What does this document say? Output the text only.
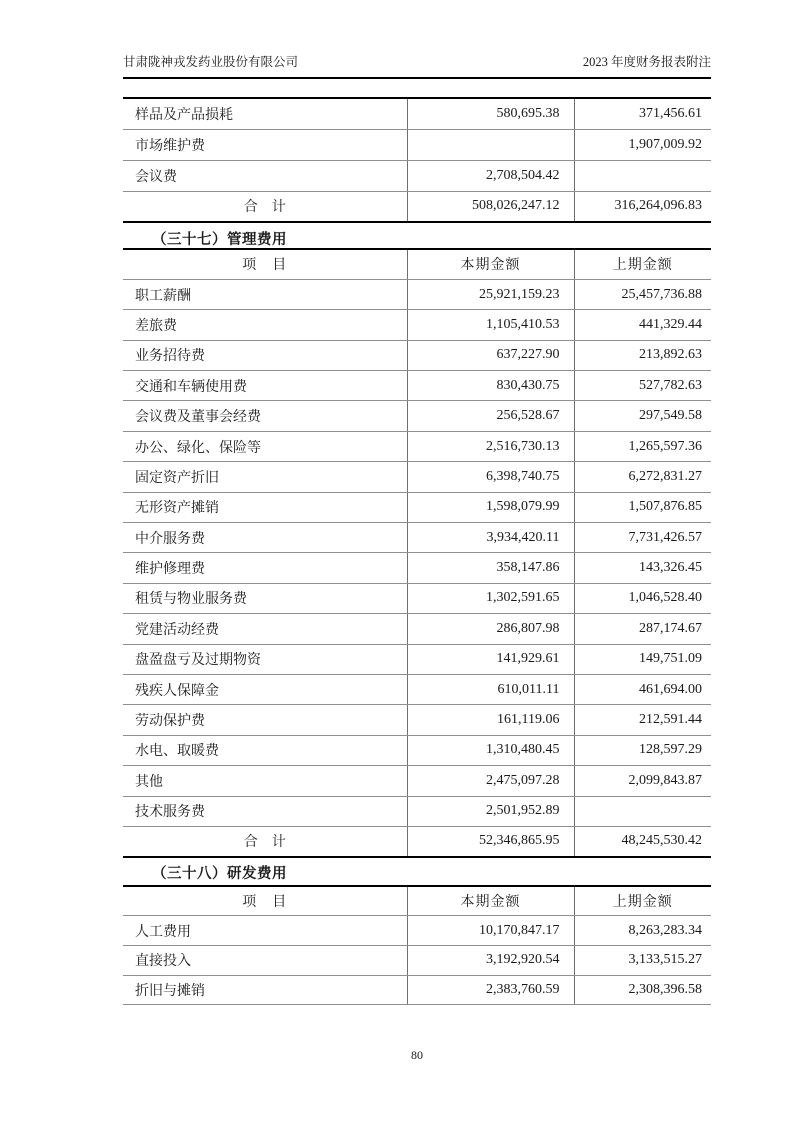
甘肃陇神戎发药业股份有限公司	2023 年度财务报表附注
样品及产品损耗	580,695.38	371,456.61
市场维护费		1,907,009.92
会议费	2,708,504.42	
合　计	508,026,247.12	316,264,096.83
（三十七）管理费用
项　目	本期金额	上期金额
职工薪酬	25,921,159.23	25,457,736.88
差旅费	1,105,410.53	441,329.44
业务招待费	637,227.90	213,892.63
交通和车辆使用费	830,430.75	527,782.63
会议费及董事会经费	256,528.67	297,549.58
办公、绿化、保险等	2,516,730.13	1,265,597.36
固定资产折旧	6,398,740.75	6,272,831.27
无形资产摊销	1,598,079.99	1,507,876.85
中介服务费	3,934,420.11	7,731,426.57
维护修理费	358,147.86	143,326.45
租赁与物业服务费	1,302,591.65	1,046,528.40
党建活动经费	286,807.98	287,174.67
盘盈盘亏及过期物资	141,929.61	149,751.09
残疾人保障金	610,011.11	461,694.00
劳动保护费	161,119.06	212,591.44
水电、取暖费	1,310,480.45	128,597.29
其他	2,475,097.28	2,099,843.87
技术服务费	2,501,952.89	
合　计	52,346,865.95	48,245,530.42
（三十八）研发费用
项　目	本期金额	上期金额
人工费用	10,170,847.17	8,263,283.34
直接投入	3,192,920.54	3,133,515.27
折旧与摊销	2,383,760.59	2,308,396.58
80
